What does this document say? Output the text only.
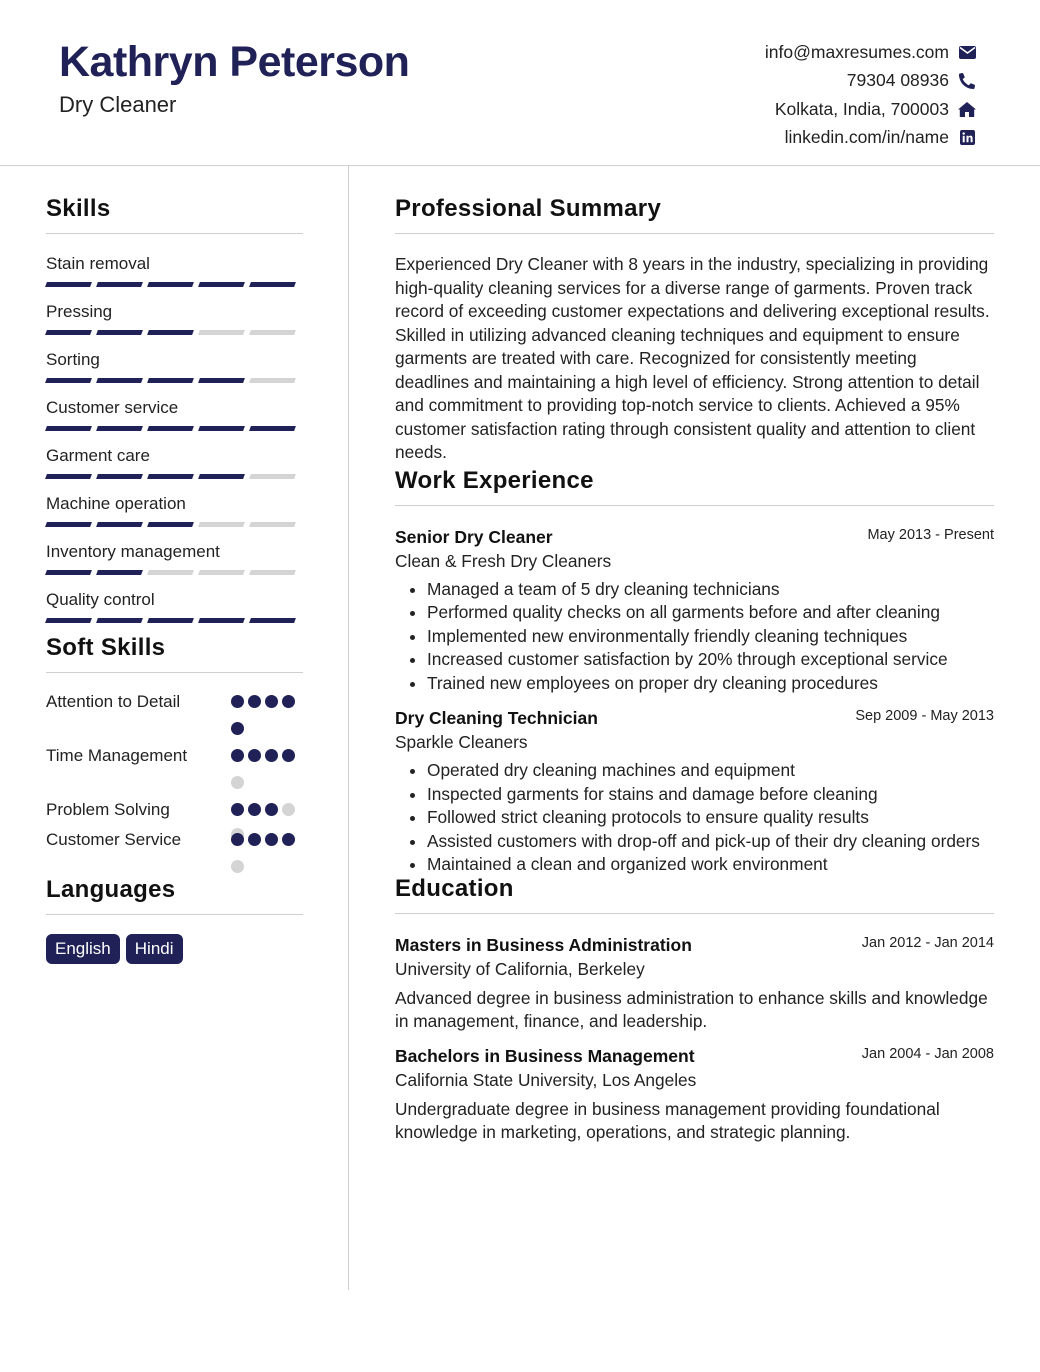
Kathryn Peterson
Dry Cleaner
info@maxresumes.com
79304 08936
Kolkata, India, 700003
linkedin.com/in/name
Skills
Stain removal
Pressing
Sorting
Customer service
Garment care
Machine operation
Inventory management
Quality control
Soft Skills
Attention to Detail
Time Management
Problem Solving
Customer Service
Languages
English	Hindi
Professional Summary

Experienced Dry Cleaner with 8 years in the industry, specializing in providing high-quality cleaning services for a diverse range of garments. Proven track record of exceeding customer expectations and delivering exceptional results. Skilled in utilizing advanced cleaning techniques and equipment to ensure garments are treated with care. Recognized for consistently meeting deadlines and maintaining a high level of efficiency. Strong attention to detail and commitment to providing top-notch service to clients. Achieved a 95% customer satisfaction rating through consistent quality and attention to client needs.

Work Experience
Senior Dry Cleaner	May 2013 - Present
Clean & Fresh Dry Cleaners
• Managed a team of 5 dry cleaning technicians
• Performed quality checks on all garments before and after cleaning
• Implemented new environmentally friendly cleaning techniques
• Increased customer satisfaction by 20% through exceptional service
• Trained new employees on proper dry cleaning procedures
Dry Cleaning Technician	Sep 2009 - May 2013
Sparkle Cleaners
• Operated dry cleaning machines and equipment
• Inspected garments for stains and damage before cleaning
• Followed strict cleaning protocols to ensure quality results
• Assisted customers with drop-off and pick-up of their dry cleaning orders
• Maintained a clean and organized work environment
Education
Masters in Business Administration	Jan 2012 - Jan 2014
University of California, Berkeley

Advanced degree in business administration to enhance skills and knowledge in management, finance, and leadership.

Bachelors in Business Management	Jan 2004 - Jan 2008
California State University, Los Angeles

Undergraduate degree in business management providing foundational knowledge in marketing, operations, and strategic planning.
